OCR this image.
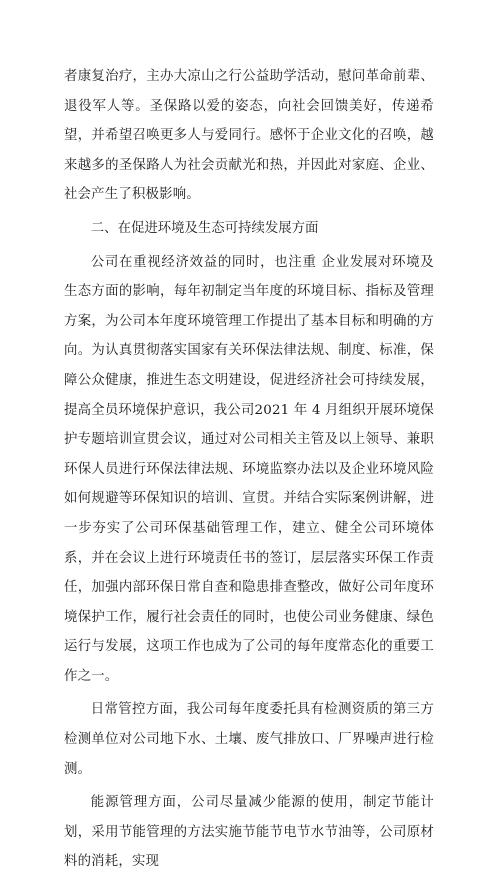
者康复治疗，主办大凉山之行公益助学活动，慰问革命前辈、退役军人等。圣保路以爱的姿态，向社会回馈美好，传递希望，并希望召唤更多人与爱同行。感怀于企业文化的召唤，越来越多的圣保路人为社会贡献光和热，并因此对家庭、企业、社会产生了积极影响。

二、在促进环境及生态可持续发展方面

公司在重视经济效益的同时，也注重 企业发展对环境及生态方面的影响，每年初制定当年度的环境目标、指标及管理方案，为公司本年度环境管理工作提出了基本目标和明确的方向。为认真贯彻落实国家有关环保法律法规、制度、标准，保障公众健康，推进生态文明建设，促进经济社会可持续发展，提高全员环境保护意识，我公司2021 年 4 月组织开展环境保护专题培训宣贯会议，通过对公司相关主管及以上领导、兼职环保人员进行环保法律法规、环境监察办法以及企业环境风险如何规避等环保知识的培训、宣贯。并结合实际案例讲解，进一步夯实了公司环保基础管理工作，建立、健全公司环境体系，并在会议上进行环境责任书的签订，层层落实环保工作责任，加强内部环保日常自查和隐患排查整改，做好公司年度环境保护工作，履行社会责任的同时，也使公司业务健康、绿色运行与发展，这项工作也成为了公司的每年度常态化的重要工作之一。

日常管控方面，我公司每年度委托具有检测资质的第三方检测单位对公司地下水、土壤、废气排放口、厂界噪声进行检测。

能源管理方面，公司尽量减少能源的使用，制定节能计划，采用节能管理的方法实施节能节电节水节油等，公司原材料的消耗，实现
